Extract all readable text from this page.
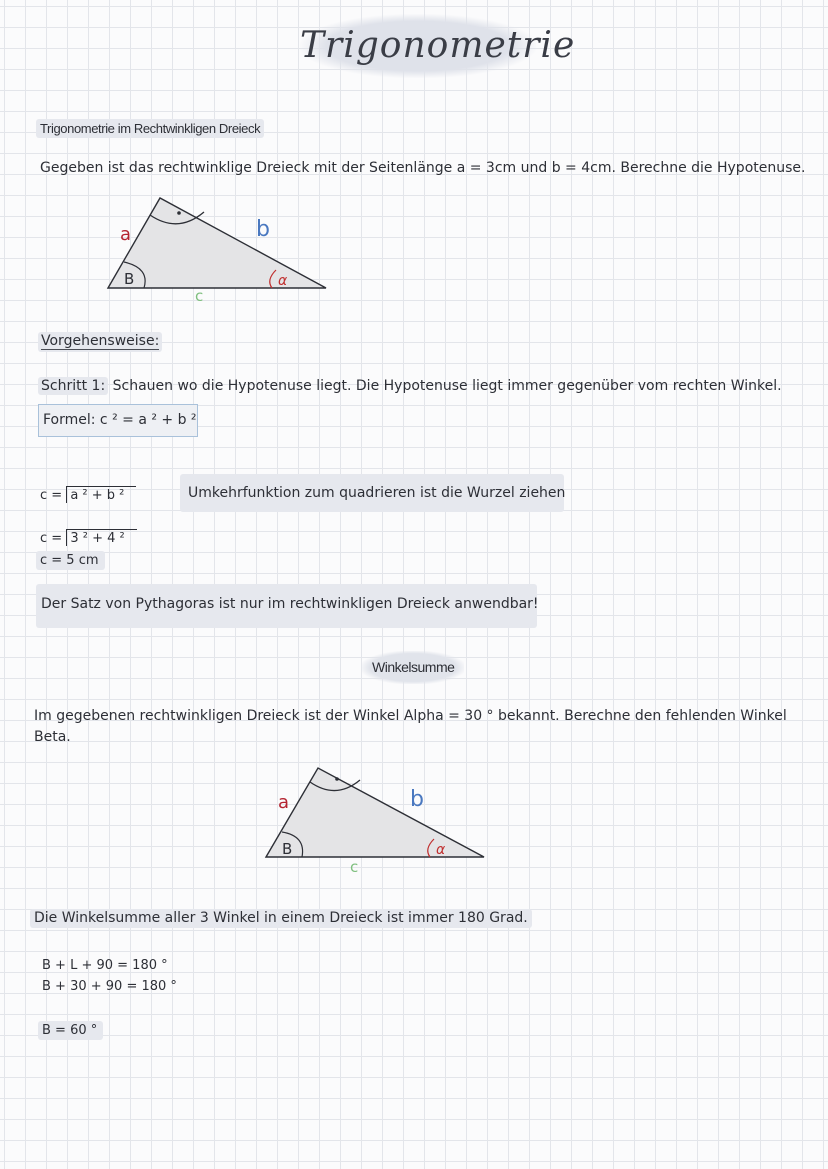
Trigonometrie
Trigonometrie im Rechtwinkligen Dreieck
Gegeben ist das rechtwinklige Dreieck mit der Seitenlänge a = 3cm und b = 4cm. Berechne die Hypotenuse.
B	α
a	b
c
Vorgehensweise:
Schritt 1: Schauen wo die Hypotenuse liegt. Die Hypotenuse liegt immer gegenüber vom rechten Winkel.
Formel: c ² = a ² + b ²
c = a ² + b ²	Umkehrfunktion zum quadrieren ist die Wurzel ziehen
c = 3 ² + 4 ²
c = 5 cm
Der Satz von Pythagoras ist nur im rechtwinkligen Dreieck anwendbar!
Winkelsumme
Im gegebenen rechtwinkligen Dreieck ist der Winkel Alpha = 30 ° bekannt. Berechne den fehlenden Winkel
Beta.
B	α
a	b
c
Die Winkelsumme aller 3 Winkel in einem Dreieck ist immer 180 Grad.
B + L + 90 = 180 °
B + 30 + 90 = 180 °
B = 60 °
